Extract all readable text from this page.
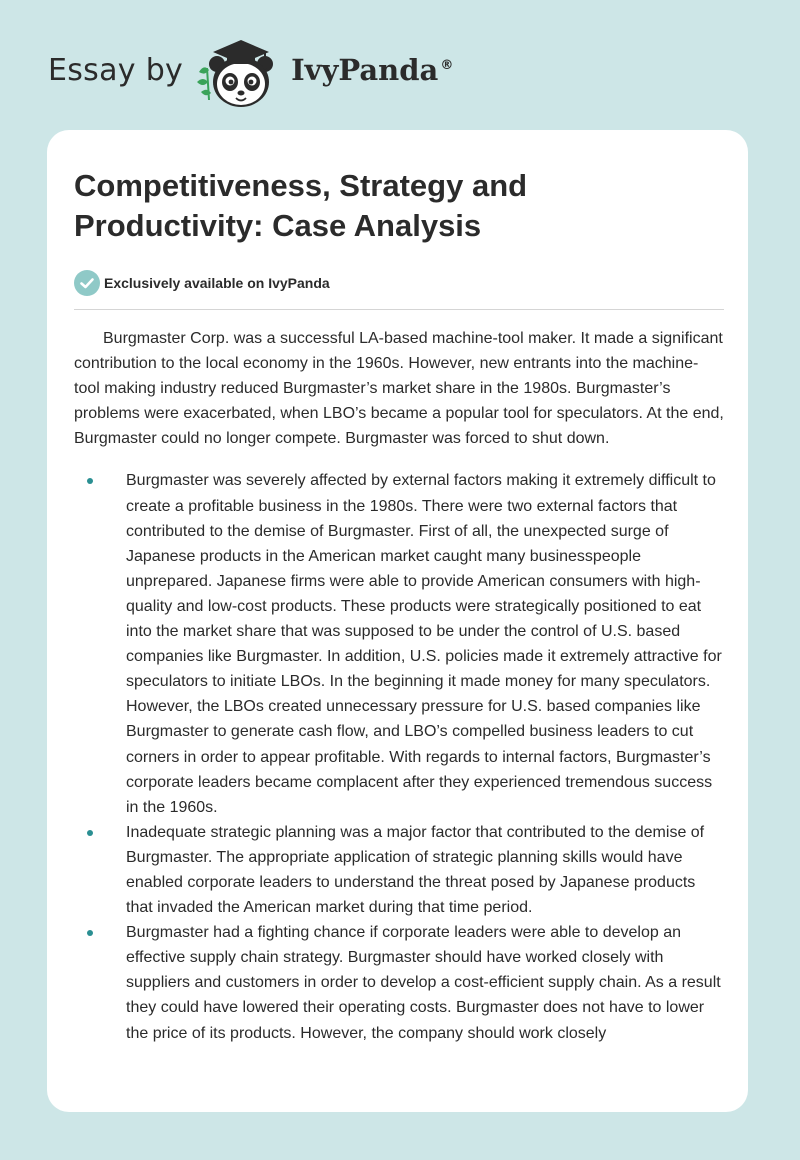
Essay by	IvyPanda ®
Competitiveness, Strategy and Productivity: Case Analysis
Exclusively available on IvyPanda

Burgmaster Corp. was a successful LA-based machine-tool maker. It made a significant contribution to the local economy in the 1960s. However, new entrants into the machine-tool making industry reduced Burgmaster’s market share in the 1980s. Burgmaster’s problems were exacerbated, when LBO’s became a popular tool for speculators. At the end, Burgmaster could no longer compete. Burgmaster was forced to shut down.

Burgmaster was severely affected by external factors making it extremely difficult to create a profitable business in the 1980s. There were two external factors that contributed to the demise of Burgmaster. First of all, the unexpected surge of Japanese products in the American market caught many businesspeople unprepared. Japanese firms were able to provide American consumers with high-quality and low-cost products. These products were strategically positioned to eat into the market share that was supposed to be under the control of U.S. based companies like Burgmaster. In addition, U.S. policies made it extremely attractive for speculators to initiate LBOs. In the beginning it made money for many speculators. However, the LBOs created unnecessary pressure for U.S. based companies like Burgmaster to generate cash flow, and LBO’s compelled business leaders to cut corners in order to appear profitable. With regards to internal factors, Burgmaster’s corporate leaders became complacent after they experienced tremendous success in the 1960s.
Inadequate strategic planning was a major factor that contributed to the demise of Burgmaster. The appropriate application of strategic planning skills would have enabled corporate leaders to understand the threat posed by Japanese products that invaded the American market during that time period.
Burgmaster had a fighting chance if corporate leaders were able to develop an effective supply chain strategy. Burgmaster should have worked closely with suppliers and customers in order to develop a cost-efficient supply chain. As a result they could have lowered their operating costs. Burgmaster does not have to lower the price of its products. However, the company should work closely
